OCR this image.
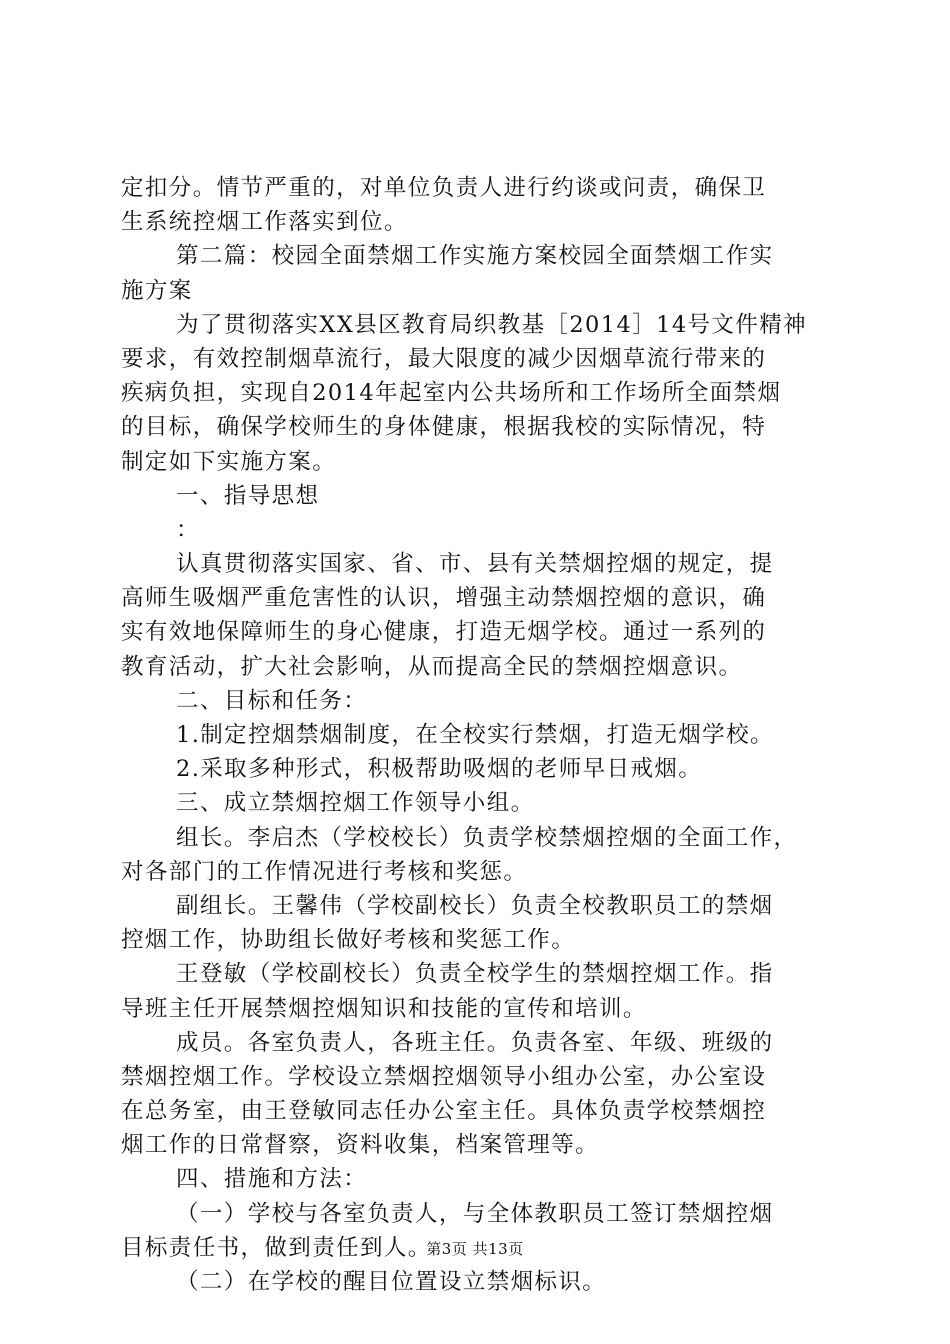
定扣分。情节严重的，对单位负责人进行约谈或问责，确保卫
生系统控烟工作落实到位。
第二篇：校园全面禁烟工作实施方案校园全面禁烟工作实
施方案
为了贯彻落实XX县区教育局织教基［2014］14号文件精神
要求，有效控制烟草流行，最大限度的减少因烟草流行带来的
疾病负担，实现自2014年起室内公共场所和工作场所全面禁烟
的目标，确保学校师生的身体健康，根据我校的实际情况，特
制定如下实施方案。
一、指导思想
：
认真贯彻落实国家、省、市、县有关禁烟控烟的规定，提
高师生吸烟严重危害性的认识，增强主动禁烟控烟的意识，确
实有效地保障师生的身心健康，打造无烟学校。通过一系列的
教育活动，扩大社会影响，从而提高全民的禁烟控烟意识。
二、目标和任务：
1.制定控烟禁烟制度，在全校实行禁烟，打造无烟学校。
2.采取多种形式，积极帮助吸烟的老师早日戒烟。
三、成立禁烟控烟工作领导小组。
组长。李启杰（学校校长）负责学校禁烟控烟的全面工作，
对各部门的工作情况进行考核和奖惩。
副组长。王馨伟（学校副校长）负责全校教职员工的禁烟
控烟工作，协助组长做好考核和奖惩工作。
王登敏（学校副校长）负责全校学生的禁烟控烟工作。指
导班主任开展禁烟控烟知识和技能的宣传和培训。
成员。各室负责人，各班主任。负责各室、年级、班级的
禁烟控烟工作。学校设立禁烟控烟领导小组办公室，办公室设
在总务室，由王登敏同志任办公室主任。具体负责学校禁烟控
烟工作的日常督察，资料收集，档案管理等。
四、措施和方法：
（一）学校与各室负责人，与全体教职员工签订禁烟控烟
目标责任书，做到责任到人。
（二）在学校的醒目位置设立禁烟标识。
第3页 共13页
